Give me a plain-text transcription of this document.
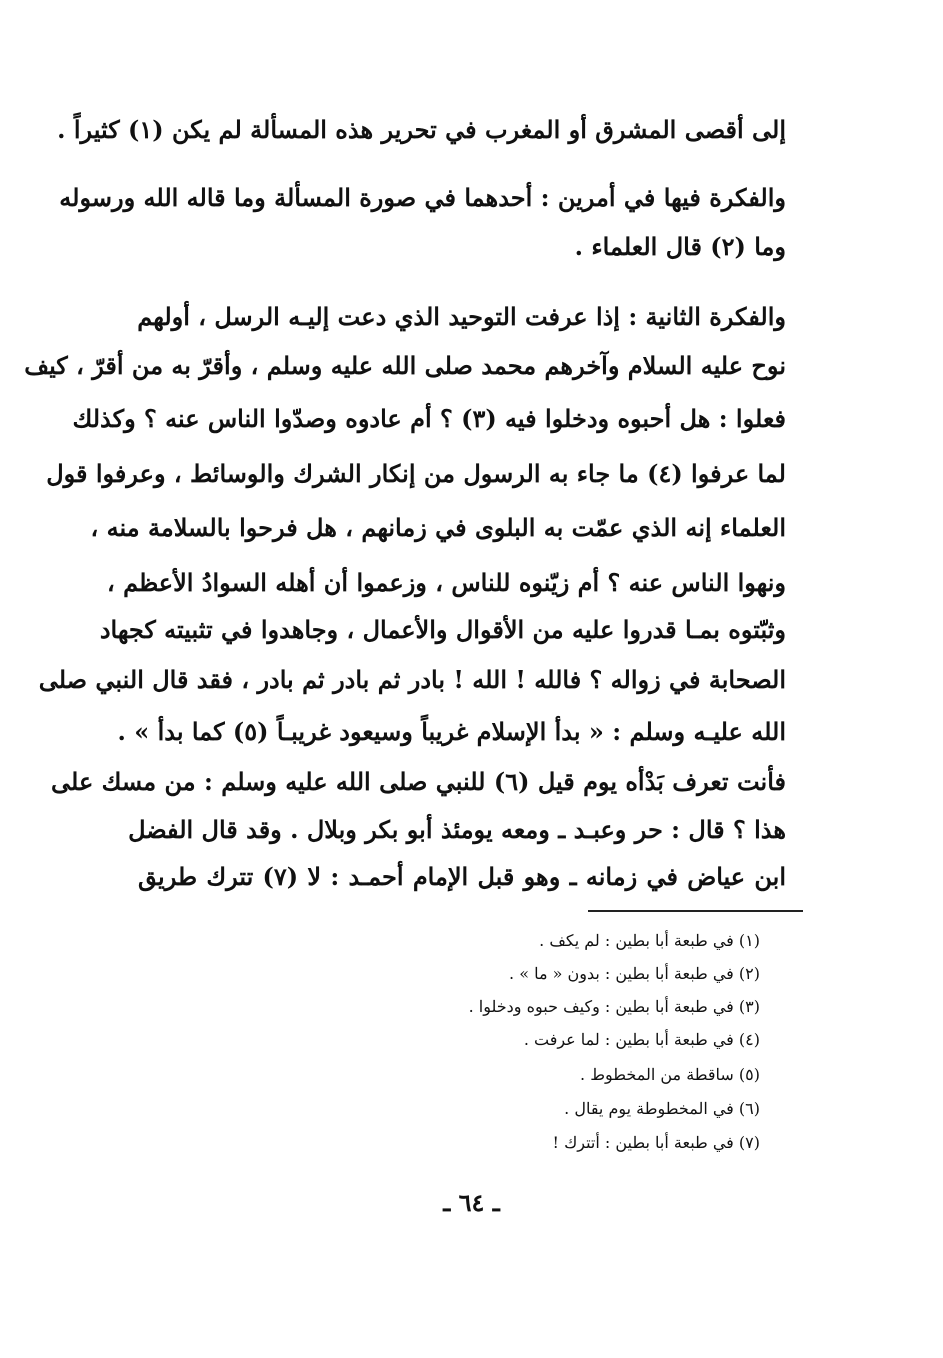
إلى أقصى المشرق أو المغرب في تحرير هذه المسألة لم يكن (١) كثيراً .
والفكرة فيها في أمرين : أحدهما في صورة المسألة وما قاله الله ورسوله
وما (٢) قال العلماء .
والفكرة الثانية : إذا عرفت التوحيد الذي دعت إليـه الرسل ، أولهم
نوح عليه السلام وآخرهم محمد صلى الله عليه وسلم ، وأقرّ به من أقرّ ، كيف
فعلوا : هل أحبوه ودخلوا فيه (٣) ؟ أم عادوه وصدّوا الناس عنه ؟ وكذلك
لما عرفوا (٤) ما جاء به الرسول من إنكار الشرك والوسائط ، وعرفوا قول
العلماء إنه الذي عمّت به البلوى في زمانهم ، هل فرحوا بالسلامة منه ،
ونهوا الناس عنه ؟ أم زيّنوه للناس ، وزعموا أن أهله السوادُ الأعظم ،
وثبّتوه بمـا قدروا عليه من الأقوال والأعمال ، وجاهدوا في تثبيته كجهاد
الصحابة في زواله ؟ فالله ! الله ! بادر ثم بادر ثم بادر ، فقد قال النبي صلى
الله عليـه وسلم : « بدأ الإسلام غريباً وسيعود غريبـاً (٥) كما بدأ » .
فأنت تعرف بَدْأه يوم قيل (٦) للنبي صلى الله عليه وسلم : من مسك على
هذا ؟ قال : حر وعبـد ـ ومعه يومئذ أبو بكر وبلال . وقد قال الفضل
ابن عياض في زمانه ـ وهو قبل الإمام أحمـد : لا (٧) تترك طريق
(١) في طبعة أبا بطين : لم يكف .
(٢) في طبعة أبا بطين : بدون « ما » .
(٣) في طبعة أبا بطين : وكيف حبوه ودخلوا .
(٤) في طبعة أبا بطين : لما عرفت .
(٥) ساقطة من المخطوط .
(٦) في المخطوطة يوم يقال .
(٧) في طبعة أبا بطين : أتترك !
ـ ٦٤ ـ
